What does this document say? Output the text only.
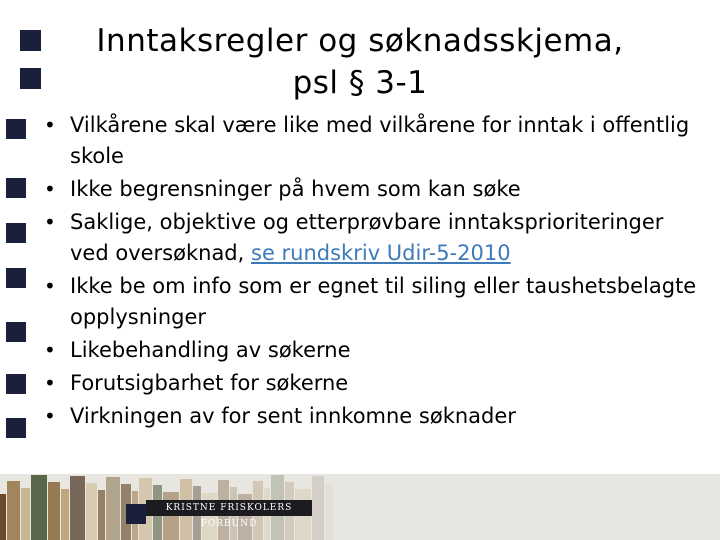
Inntaksregler og søknadsskjema,
psl § 3-1
• Vilkårene skal være like med vilkårene for inntak i offentlig skole
• Ikke begrensninger på hvem som kan søke
• Saklige, objektive og etterprøvbare inntaksprioriteringer ved oversøknad, se rundskriv Udir-5-2010
• Ikke be om info som er egnet til siling eller taushetsbelagte opplysninger
• Likebehandling av søkerne
• Forutsigbarhet for søkerne
• Virkningen av for sent innkomne søknader
KRISTNE FRISKOLERS FORBUND
